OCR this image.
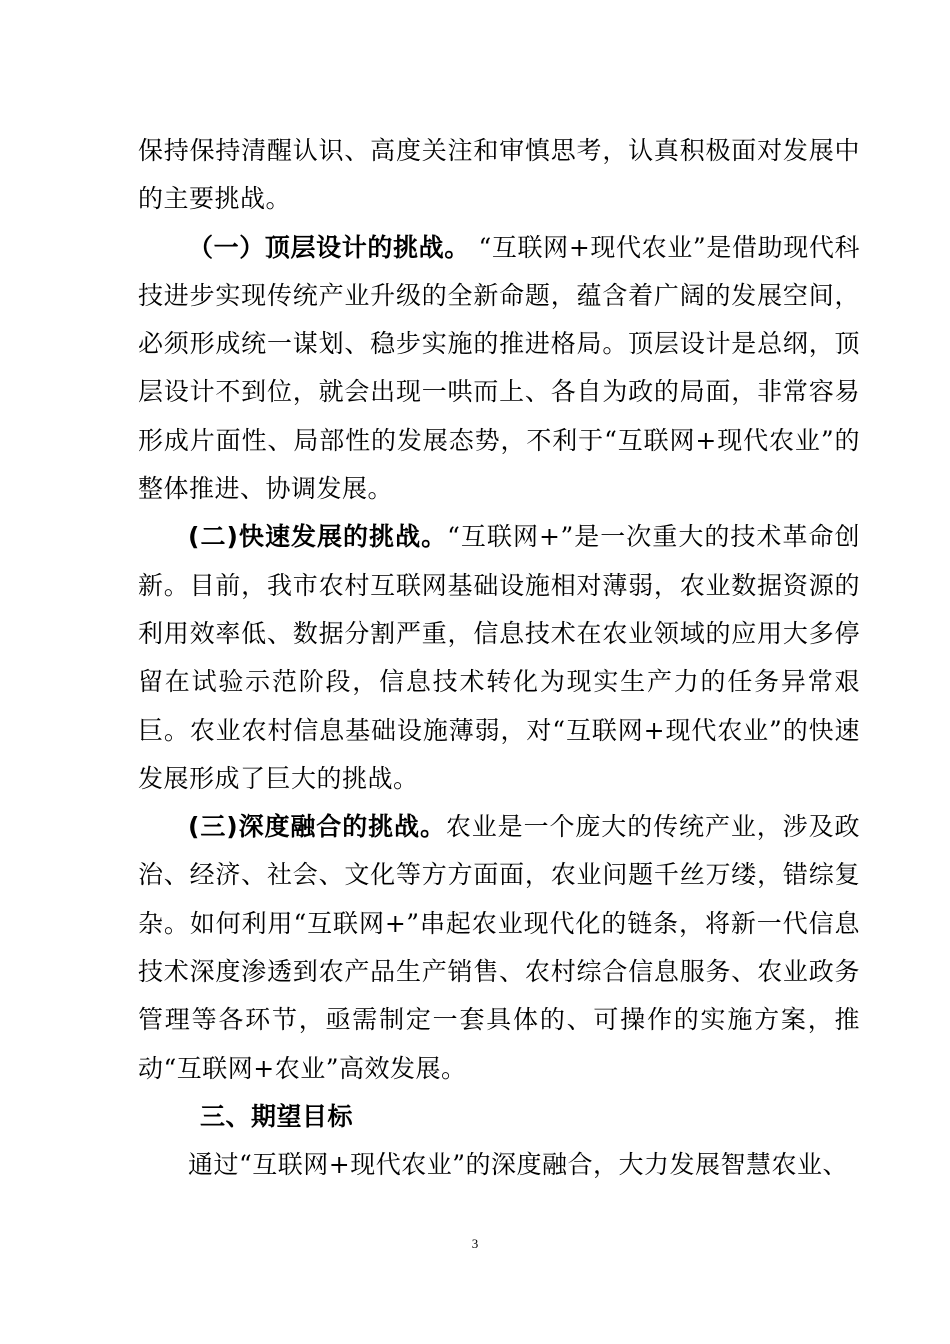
保持保持清醒认识、高度关注和审慎思考，认真积极面对发展中的主要挑战。

（一）顶层设计的挑战。 “互联网+现代农业”是借助现代科技进步实现传统产业升级的全新命题，蕴含着广阔的发展空间，必须形成统一谋划、稳步实施的推进格局。顶层设计是总纲，顶层设计不到位，就会出现一哄而上、各自为政的局面，非常容易形成片面性、局部性的发展态势，不利于“互联网+现代农业”的整体推进、协调发展。

(二)快速发展的挑战。“互联网+”是一次重大的技术革命创新。目前，我市农村互联网基础设施相对薄弱，农业数据资源的利用效率低、数据分割严重，信息技术在农业领域的应用大多停留在试验示范阶段，信息技术转化为现实生产力的任务异常艰巨。农业农村信息基础设施薄弱，对“互联网+现代农业”的快速发展形成了巨大的挑战。

(三)深度融合的挑战。农业是一个庞大的传统产业，涉及政治、经济、社会、文化等方方面面，农业问题千丝万缕，错综复杂。如何利用“互联网+”串起农业现代化的链条，将新一代信息技术深度渗透到农产品生产销售、农村综合信息服务、农业政务管理等各环节，亟需制定一套具体的、可操作的实施方案，推动“互联网+农业”高效发展。

三、期望目标

通过“互联网+现代农业”的深度融合，大力发展智慧农业、

3
